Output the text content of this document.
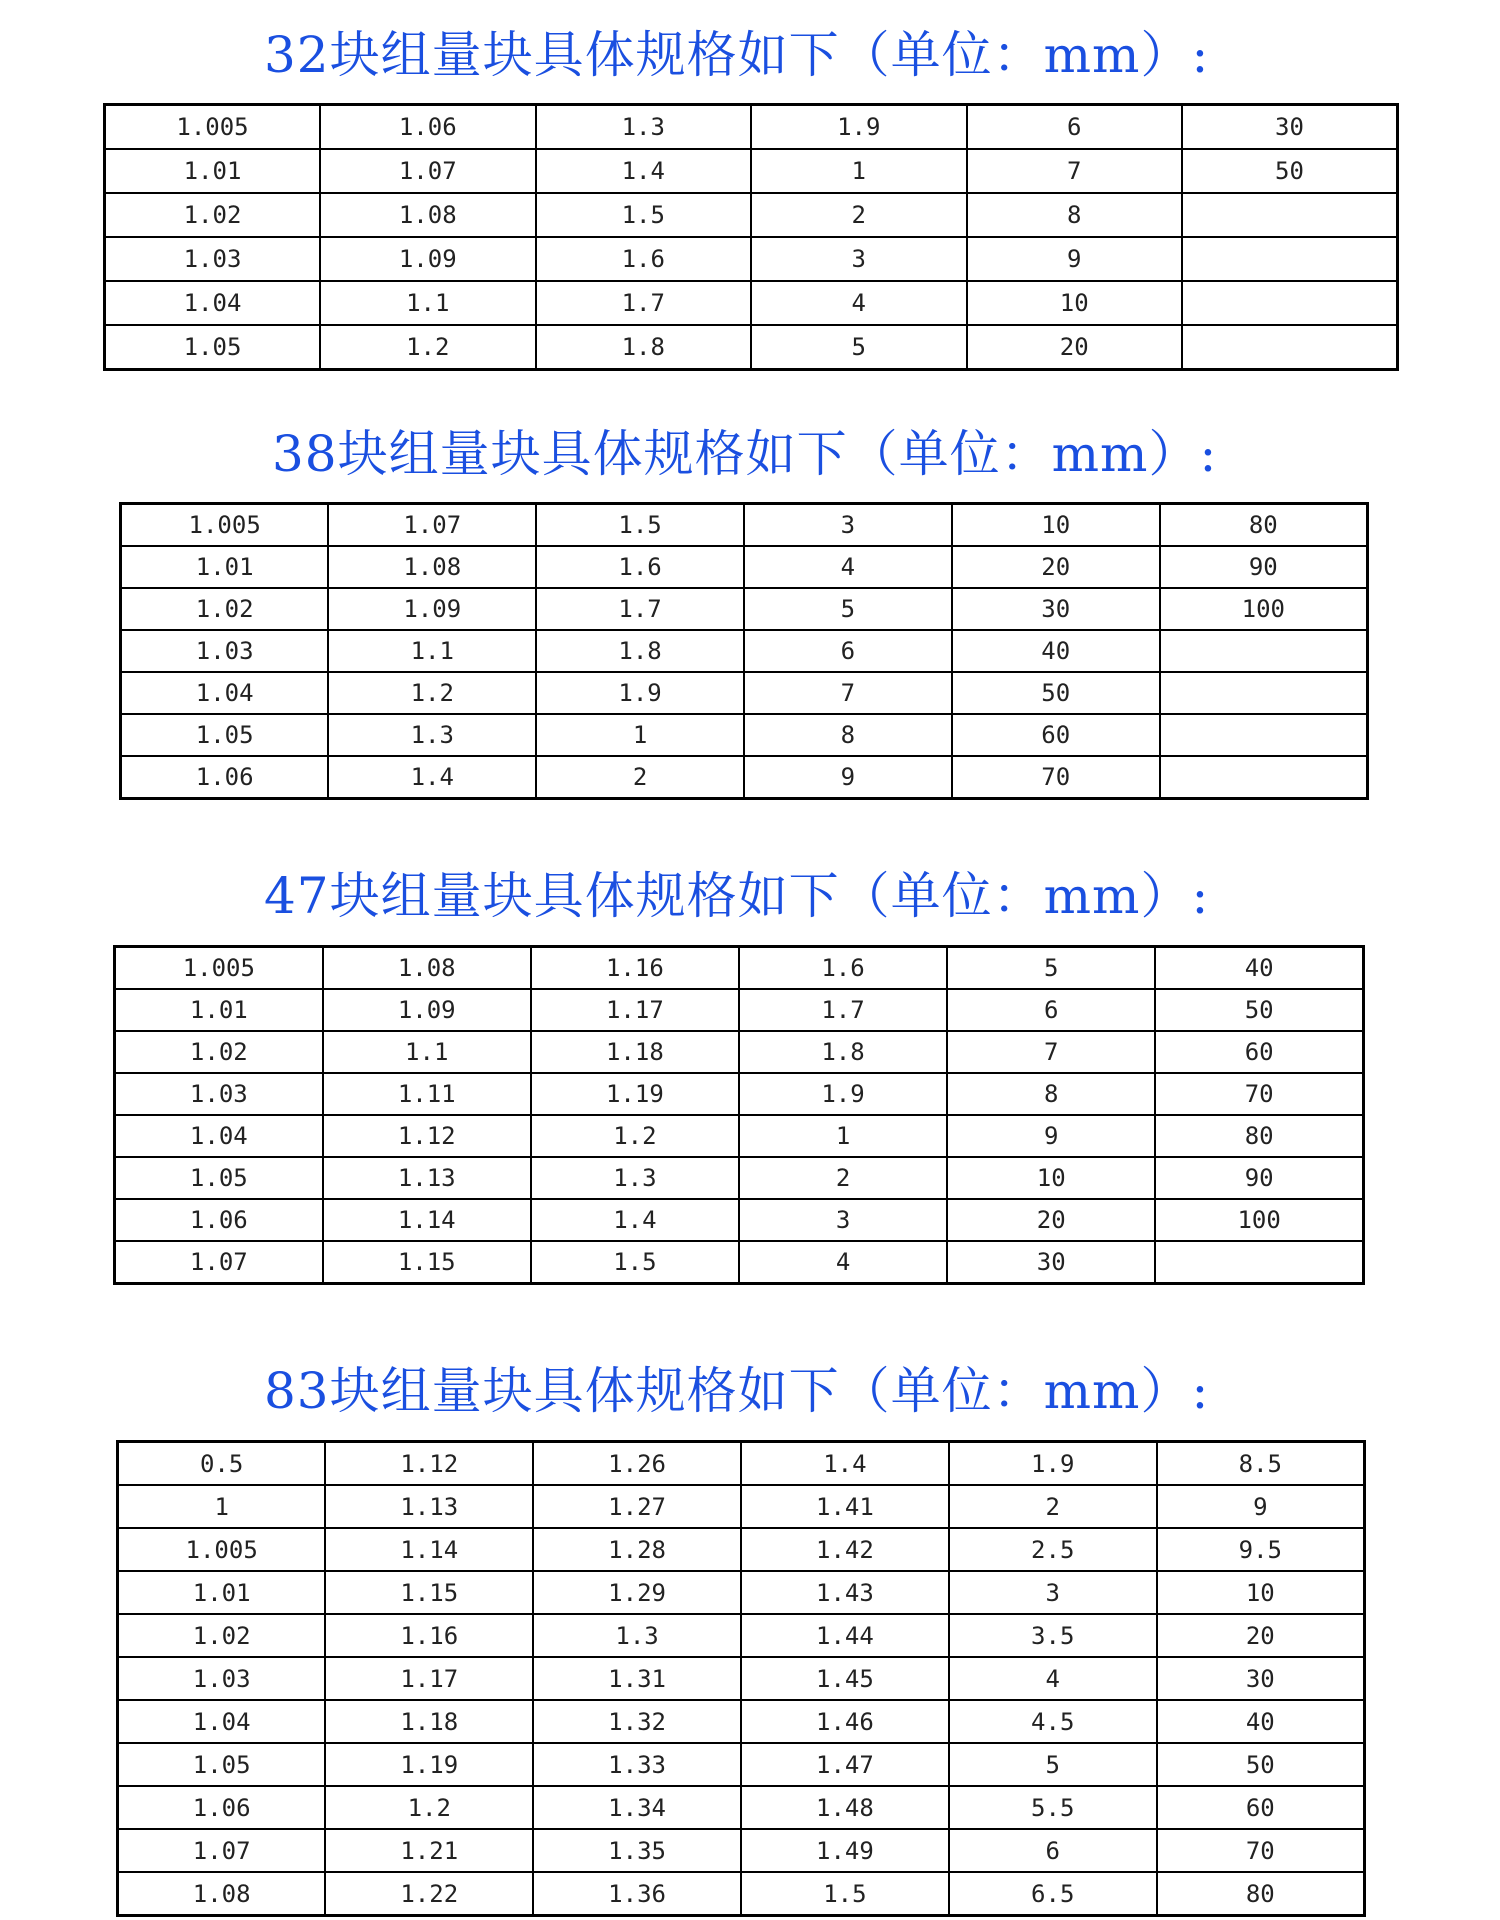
32块组量块具体规格如下（单位：mm）:
1.005	1.06	1.3	1.9	6	30
1.01	1.07	1.4	1	7	50
1.02	1.08	1.5	2	8	
1.03	1.09	1.6	3	9	
1.04	1.1	1.7	4	10	
1.05	1.2	1.8	5	20	
38块组量块具体规格如下（单位：mm）:
1.005	1.07	1.5	3	10	80
1.01	1.08	1.6	4	20	90
1.02	1.09	1.7	5	30	100
1.03	1.1	1.8	6	40	
1.04	1.2	1.9	7	50	
1.05	1.3	1	8	60	
1.06	1.4	2	9	70	
47块组量块具体规格如下（单位：mm）:
1.005	1.08	1.16	1.6	5	40
1.01	1.09	1.17	1.7	6	50
1.02	1.1	1.18	1.8	7	60
1.03	1.11	1.19	1.9	8	70
1.04	1.12	1.2	1	9	80
1.05	1.13	1.3	2	10	90
1.06	1.14	1.4	3	20	100
1.07	1.15	1.5	4	30	
83块组量块具体规格如下（单位：mm）:
0.5	1.12	1.26	1.4	1.9	8.5
1	1.13	1.27	1.41	2	9
1.005	1.14	1.28	1.42	2.5	9.5
1.01	1.15	1.29	1.43	3	10
1.02	1.16	1.3	1.44	3.5	20
1.03	1.17	1.31	1.45	4	30
1.04	1.18	1.32	1.46	4.5	40
1.05	1.19	1.33	1.47	5	50
1.06	1.2	1.34	1.48	5.5	60
1.07	1.21	1.35	1.49	6	70
1.08	1.22	1.36	1.5	6.5	80
